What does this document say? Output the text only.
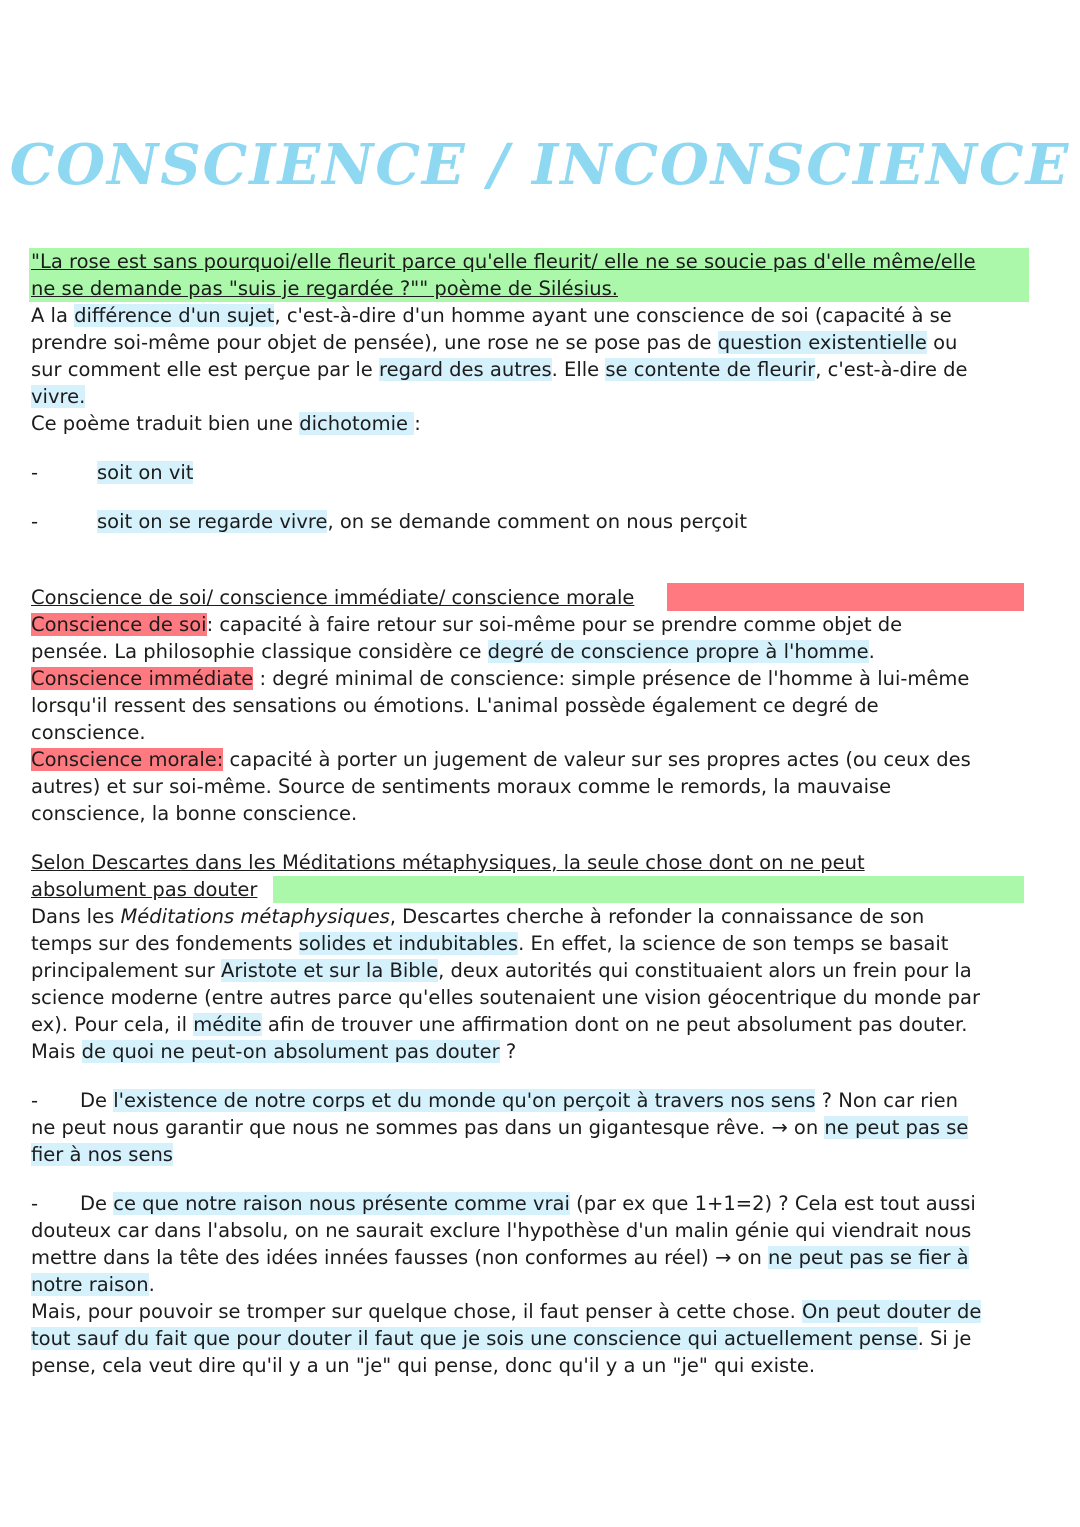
CONSCIENCE / INCONSCIENCE

"La rose est sans pourquoi/elle fleurit parce qu'elle fleurit/ elle ne se soucie pas d'elle même/elle

ne se demande pas "suis je regardée ?"" poème de Silésius.

A la différence d'un sujet, c'est-à-dire d'un homme ayant une conscience de soi (capacité à se

prendre soi-même pour objet de pensée), une rose ne se pose pas de question existentielle ou

sur comment elle est perçue par le regard des autres. Elle se contente de fleurir, c'est-à-dire de

vivre.

Ce poème traduit bien une dichotomie :

-	soit on vit

-	soit on se regarde vivre, on se demande comment on nous perçoit

Conscience de soi/ conscience immédiate/ conscience morale

Conscience de soi: capacité à faire retour sur soi-même pour se prendre comme objet de

pensée. La philosophie classique considère ce degré de conscience propre à l'homme.

Conscience immédiate : degré minimal de conscience: simple présence de l'homme à lui-même

lorsqu'il ressent des sensations ou émotions. L'animal possède également ce degré de

conscience.

Conscience morale: capacité à porter un jugement de valeur sur ses propres actes (ou ceux des

autres) et sur soi-même. Source de sentiments moraux comme le remords, la mauvaise

conscience, la bonne conscience.

Selon Descartes dans les Méditations métaphysiques, la seule chose dont on ne peut

absolument pas douter

Dans les Méditations métaphysiques, Descartes cherche à refonder la connaissance de son

temps sur des fondements solides et indubitables. En effet, la science de son temps se basait

principalement sur Aristote et sur la Bible, deux autorités qui constituaient alors un frein pour la

science moderne (entre autres parce qu'elles soutenaient une vision géocentrique du monde par

ex). Pour cela, il médite afin de trouver une affirmation dont on ne peut absolument pas douter.

Mais de quoi ne peut-on absolument pas douter ?

- De l'existence de notre corps et du monde qu'on perçoit à travers nos sens ? Non car rien

ne peut nous garantir que nous ne sommes pas dans un gigantesque rêve. → on ne peut pas se

fier à nos sens

- De ce que notre raison nous présente comme vrai (par ex que 1+1=2) ? Cela est tout aussi

douteux car dans l'absolu, on ne saurait exclure l'hypothèse d'un malin génie qui viendrait nous

mettre dans la tête des idées innées fausses (non conformes au réel) → on ne peut pas se fier à

notre raison.

Mais, pour pouvoir se tromper sur quelque chose, il faut penser à cette chose. On peut douter de

tout sauf du fait que pour douter il faut que je sois une conscience qui actuellement pense. Si je

pense, cela veut dire qu'il y a un "je" qui pense, donc qu'il y a un "je" qui existe.
